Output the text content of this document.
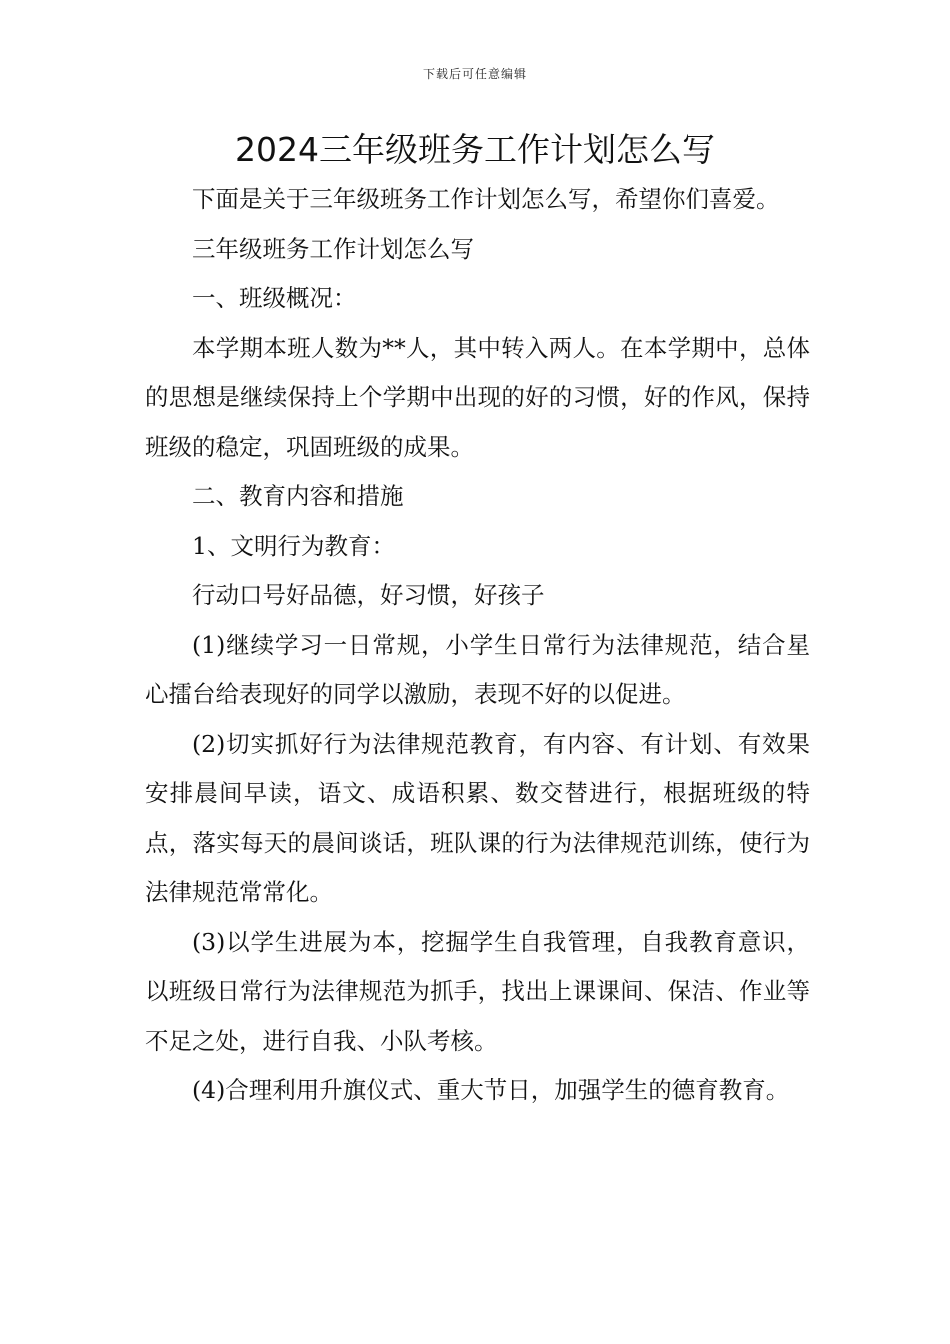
下载后可任意编辑
2024三年级班务工作计划怎么写

下面是关于三年级班务工作计划怎么写，希望你们喜爱。

三年级班务工作计划怎么写

一、班级概况：

本学期本班人数为**人，其中转入两人。在本学期中，总体的思想是继续保持上个学期中出现的好的习惯，好的作风，保持班级的稳定，巩固班级的成果。

二、教育内容和措施

1、文明行为教育：

行动口号好品德，好习惯，好孩子

(1)继续学习一日常规，小学生日常行为法律规范，结合星心擂台给表现好的同学以激励，表现不好的以促进。

(2)切实抓好行为法律规范教育，有内容、有计划、有效果安排晨间早读，语文、成语积累、数交替进行，根据班级的特点，落实每天的晨间谈话，班队课的行为法律规范训练，使行为法律规范常常化。

(3)以学生进展为本，挖掘学生自我管理，自我教育意识，以班级日常行为法律规范为抓手，找出上课课间、保洁、作业等不足之处，进行自我、小队考核。

(4)合理利用升旗仪式、重大节日，加强学生的德育教育。
